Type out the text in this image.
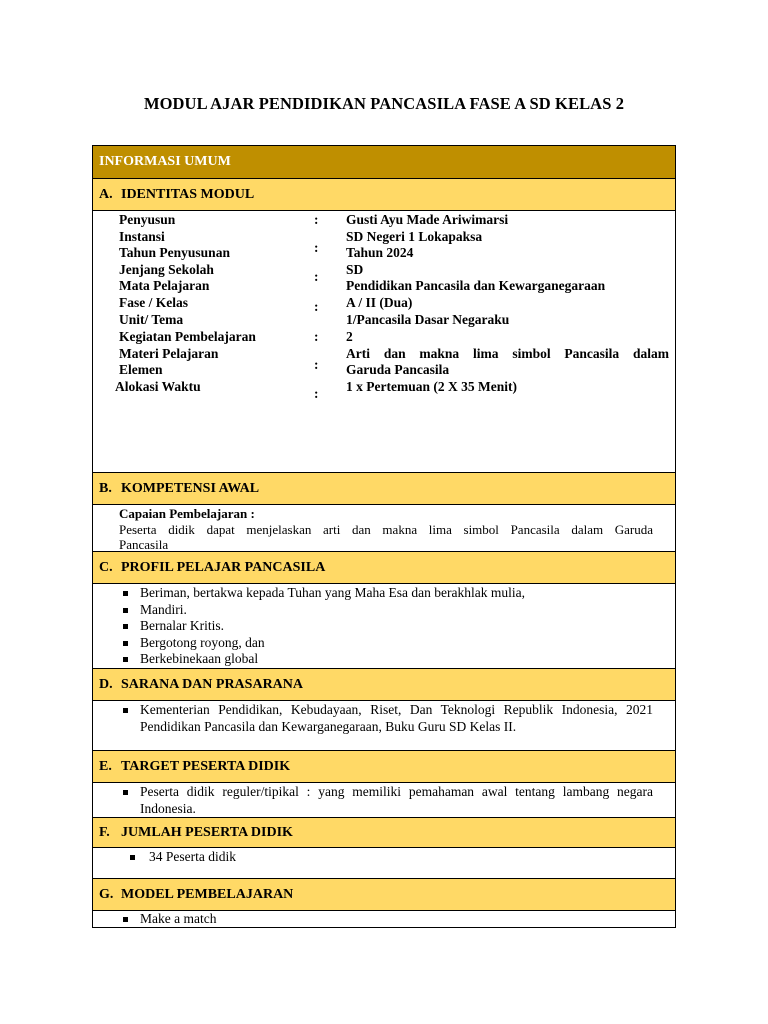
MODUL AJAR PENDIDIKAN PANCASILA FASE A SD KELAS 2
INFORMASI UMUM
A. IDENTITAS MODUL
Penyusun
Instansi
Tahun Penyusunan
Jenjang Sekolah
Mata Pelajaran
Fase / Kelas
Unit/ Tema
Kegiatan Pembelajaran
Materi Pelajaran
Elemen
Alokasi Waktu
:
:
:
:
:
:
:
Gusti Ayu Made Ariwimarsi
SD Negeri 1 Lokapaksa
Tahun 2024
SD
Pendidikan Pancasila dan Kewarganegaraan
A / II (Dua)
1/Pancasila Dasar Negaraku
2
Arti dan makna lima simbol Pancasila dalam
Garuda Pancasila
1 x Pertemuan (2 X 35 Menit)
B. KOMPETENSI AWAL
Capaian Pembelajaran :
Peserta didik dapat menjelaskan arti dan makna lima simbol Pancasila dalam Garuda
Pancasila
C. PROFIL PELAJAR PANCASILA
Beriman, bertakwa kepada Tuhan yang Maha Esa dan berakhlak mulia,
Mandiri.
Bernalar Kritis.
Bergotong royong, dan
Berkebinekaan global
D. SARANA DAN PRASARANA
Kementerian Pendidikan, Kebudayaan, Riset, Dan Teknologi Republik Indonesia, 2021 Pendidikan Pancasila dan Kewarganegaraan, Buku Guru SD Kelas II.
E. TARGET PESERTA DIDIK
Peserta didik reguler/tipikal : yang memiliki pemahaman awal tentang lambang negara Indonesia.
F. JUMLAH PESERTA DIDIK
34 Peserta didik
G. MODEL PEMBELAJARAN
Make a match
